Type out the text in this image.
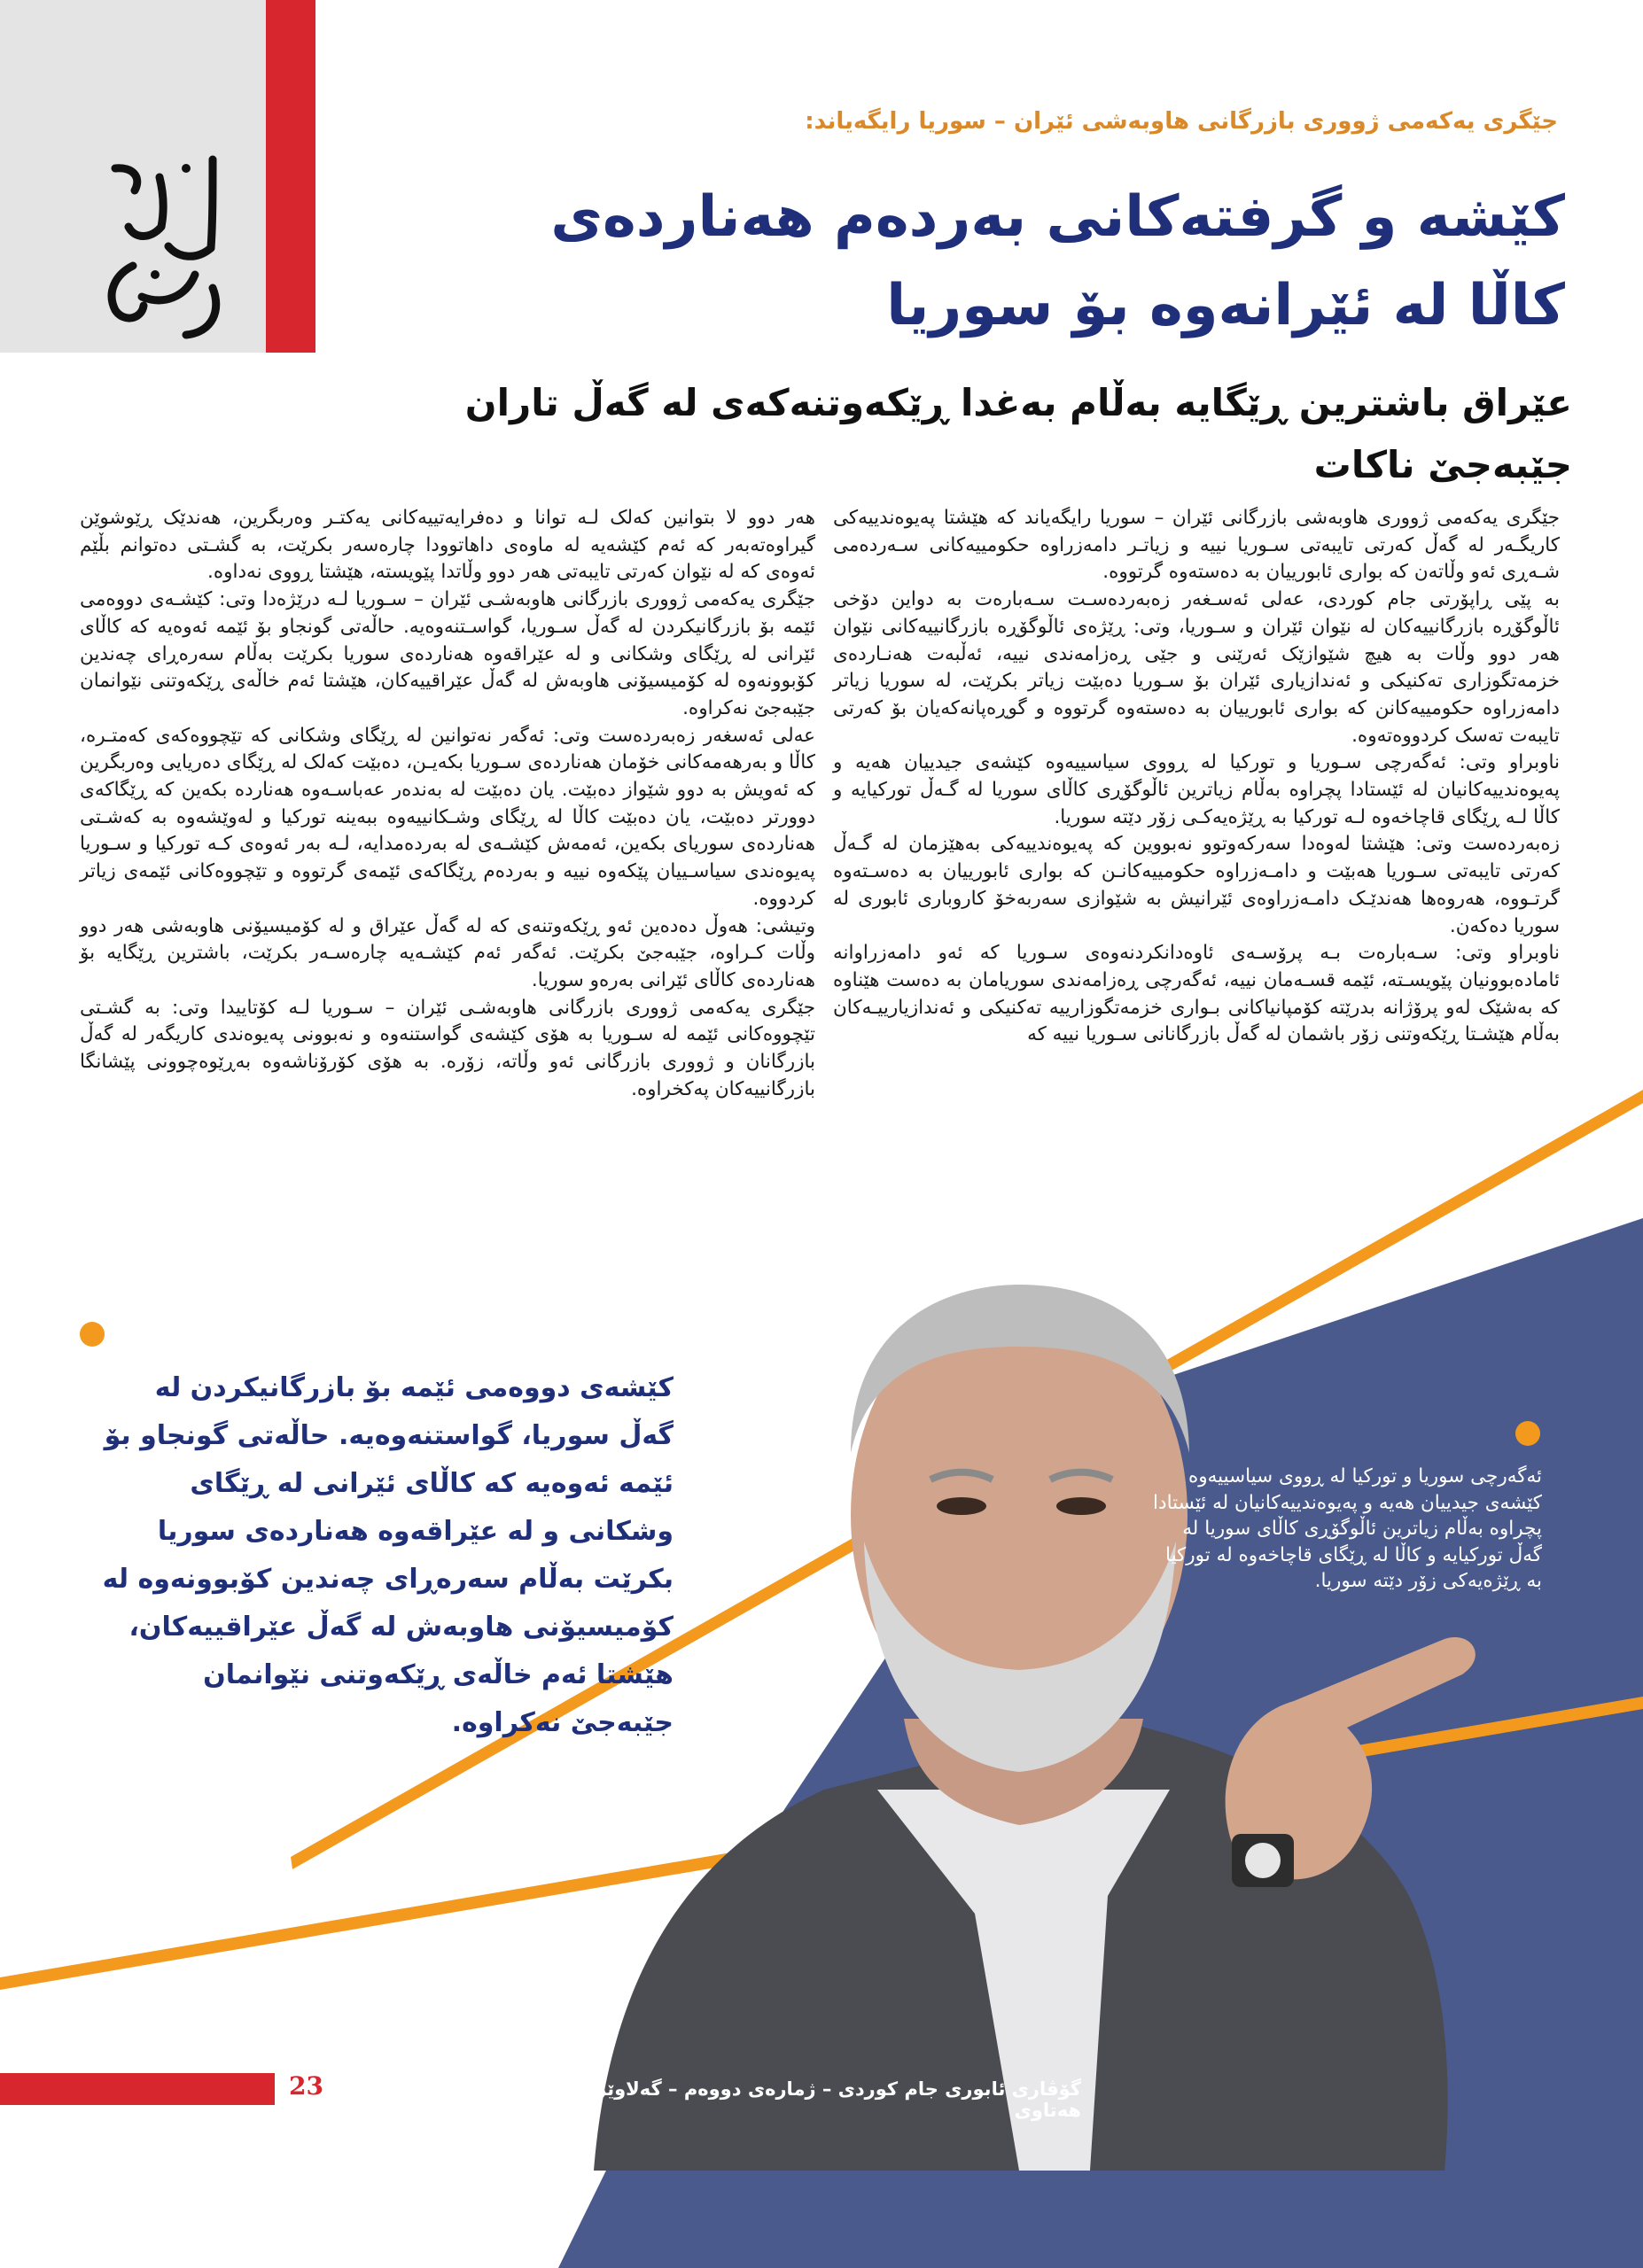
جێگری یەکەمی ژووری بازرگانی هاوبەشی ئێران – سوریا رایگەیاند:
کێشە و گرفتەکانی بەردەم هەناردەی
کاڵا لە ئێرانەوە بۆ سوریا
عێراق باشترین ڕێگایە بەڵام بەغدا ڕێکەوتنەکەی لە گەڵ تاران جێبەجێ ناکات

جێگری یەکەمی ژووری هاوبەشی بازرگانی ئێران – سوریا رایگەیاند کە هێشتا پەیوەندییەکی کاریگـەر لە گەڵ کەرتی تایبەتی سـوریا نییە و زیاتـر دامەزراوە حکومییەکانی سـەردەمی شـەڕی ئەو وڵاتەن کە بواری ئابورییان بە دەستەوە گرتووە.

بە پێی ڕاپۆرتی جام کوردی، عەلی ئەسـغەر زەبەردەسـت سـەبارەت بە دواین دۆخی ئاڵوگۆڕە بازرگانییەکان لە نێوان ئێران و سـوریا، وتی: ڕێژەی ئاڵوگۆڕە بازرگانییەکانی نێوان هەر دوو وڵات بە هیچ شێوازێک ئەرێنی و جێی ڕەزامەندی نییە، ئەڵبەت هەنـاردەی خزمەتگوزاری تەکنیکی و ئەندازیاری ئێران بۆ سـوریا دەبێت زیاتر بکرێت، لە سوریا زیاتر دامەزراوە حکومییەکانن کە بواری ئابورییان بە دەستەوە گرتووە و گوڕەپانەکەیان بۆ کەرتی تایبەت تەسک کردووەتەوە.

ناوبراو وتی: ئەگەرچی سـوریا و تورکیا لە ڕووی سیاسییەوە کێشەی جیدییان هەیە و پەیوەندییەکانیان لە ئێستادا پچراوە بەڵام زیاترین ئاڵوگۆڕی کاڵای سوریا لە گـەڵ تورکیایە و کاڵا لـە ڕێگای قاچاخەوە لـە تورکیا بە ڕێژەیەکـی زۆر دێتە سوریا.

زەبەردەست وتی: هێشتا لەوەدا سەرکەوتوو نەبووین کە پەیوەندییەکی بەهێزمان لە گـەڵ کەرتی تایبەتی سـوریا هەبێت و دامـەزراوە حکومییەکانـن کە بواری ئابورییان بە دەسـتەوە گرتـووە، هەروەها هەندێـک دامـەزراوەی ئێرانیش بە شێوازی سەربەخۆ کاروباری ئابوری لە سوریا دەکەن.

ناوبراو وتی: سـەبارەت بـە پرۆسـەی ئاوەدانکردنەوەی سـوریا کە ئەو دامەزراوانە ئامادەبوونیان پێویسـتە، ئێمە قسـەمان نییە، ئەگەرچی ڕەزامەندی سوریامان بە دەست هێناوە کە بەشێک لەو پرۆژانە بدرێتە کۆمپانیاکانی بـواری خزمەتگوزارییە تەکنیکی و ئەندازیارییـەکان بەڵام هێشـتا ڕێکەوتنی زۆر باشمان لە گەڵ بازرگانانی سـوریا نییە کە

هەر دوو لا بتوانین کەلک لـە توانا و دەفرایەتییەکانی یەکتـر وەربگرین، هەندێک ڕێوشوێن گیراوەتەبەر کە ئەم کێشەیە لە ماوەی داهاتوودا چارەسەر بکرێت، بە گشـتی دەتوانم بڵێم ئەوەی کە لە نێوان کەرتی تایبەتی هەر دوو وڵاتدا پێویستە، هێشتا ڕووی نەداوە.

جێگری یەکەمی ژووری بازرگانی هاوبەشـی ئێران – سـوریا لـە درێژەدا وتی: کێشـەی دووەمی ئێمە بۆ بازرگانیکردن لە گەڵ سـوریا، گواسـتنەوەیە. حاڵەتی گونجاو بۆ ئێمە ئەوەیە کە کاڵای ئێرانی لە ڕێگای وشکانی و لە عێراقەوە هەناردەی سوریا بکرێت بەڵام سەرەڕای چەندین کۆبوونەوە لە کۆمیسیۆنی هاوبەش لە گەڵ عێراقییەکان، هێشتا ئەم خاڵەی ڕێکەوتنی نێوانمان جێبەجێ نەکراوە.

عەلی ئەسغەر زەبەردەست وتی: ئەگەر نەتوانین لە ڕێگای وشکانی کە تێچووەکەی کەمتـرە، کاڵا و بەرهەمەکانی خۆمان هەناردەی سـوریا بکەیـن، دەبێت کەلک لە ڕێگای دەریایی وەربگرین کە ئەویش بە دوو شێواز دەبێت. یان دەبێت لە بەندەر عەباسـەوە هەناردە بکەین کە ڕێگاکەی دوورتر دەبێت، یان دەبێت کاڵا لە ڕێگای وشـکانییەوە ببەینە تورکیا و لەوێشەوە بە کەشـتی هەناردەی سوریای بکەین، ئەمەش کێشـەی لە بەردەمدایە، لـە بەر ئەوەی کـە تورکیا و سـوریا پەیوەندی سیاسـییان پێکەوە نییە و بەردەم ڕێگاکەی ئێمەی گرتووە و تێچووەکانی ئێمەی زیاتر کردووە.

وتیشی: هەوڵ دەدەین ئەو ڕێکەوتنەی کە لە گەڵ عێراق و لە کۆمیسیۆنی هاوبەشی هەر دوو وڵات کـراوە، جێبەجێ بکرێت. ئەگەر ئەم کێشـەیە چارەسـەر بکرێت، باشترین ڕێگایە بۆ هەناردەی کاڵای ئێرانی بەرەو سوریا.

جێگری یەکەمی ژووری بازرگانی هاوبەشـی ئێران – سـوریا لـە کۆتاییدا وتی: بە گشـتی تێچووەکانی ئێمە لە سـوریا بە هۆی کێشەی گواستنەوە و نەبوونی پەیوەندی کاریگەر لە گەڵ بازرگانان و ژووری بازرگانی ئەو وڵاتە، زۆرە. بە هۆی کۆرۆناشەوە بەڕێوەچوونی پێشانگا بازرگانییەکان پەکخراوە.

کێشەی دووەمی ئێمە بۆ بازرگانیکردن لە گەڵ سوریا، گواستنەوەیە. حاڵەتی گونجاو بۆ ئێمە ئەوەیە کە کاڵای ئێرانی لە ڕێگای وشکانی و لە عێراقەوە هەناردەی سوریا بکرێت بەڵام سەرەڕای چەندین کۆبوونەوە لە کۆمیسیۆنی هاوبەش لە گەڵ عێراقییەکان، هێشتا ئەم خاڵەی ڕێکەوتنی نێوانمان جێبەجێ نەکراوە.
ئەگەرچی سوریا و تورکیا لە ڕووی سیاسییەوە کێشەی جیدییان هەیە و پەیوەندییەکانیان لە ئێستادا پچراوە بەڵام زیاترین ئاڵوگۆڕی کاڵای سوریا لە گەڵ تورکیایە و کاڵا لە ڕێگای قاچاخەوە لە تورکیا بە ڕێژەیەکی زۆر دێتە سوریا.
23	گۆڤاری ئابوری جام کوردی – ژمارەی دووەم – گەلاوێژی ساڵی ١٤٠٠ ی کۆچی هەتاوی
